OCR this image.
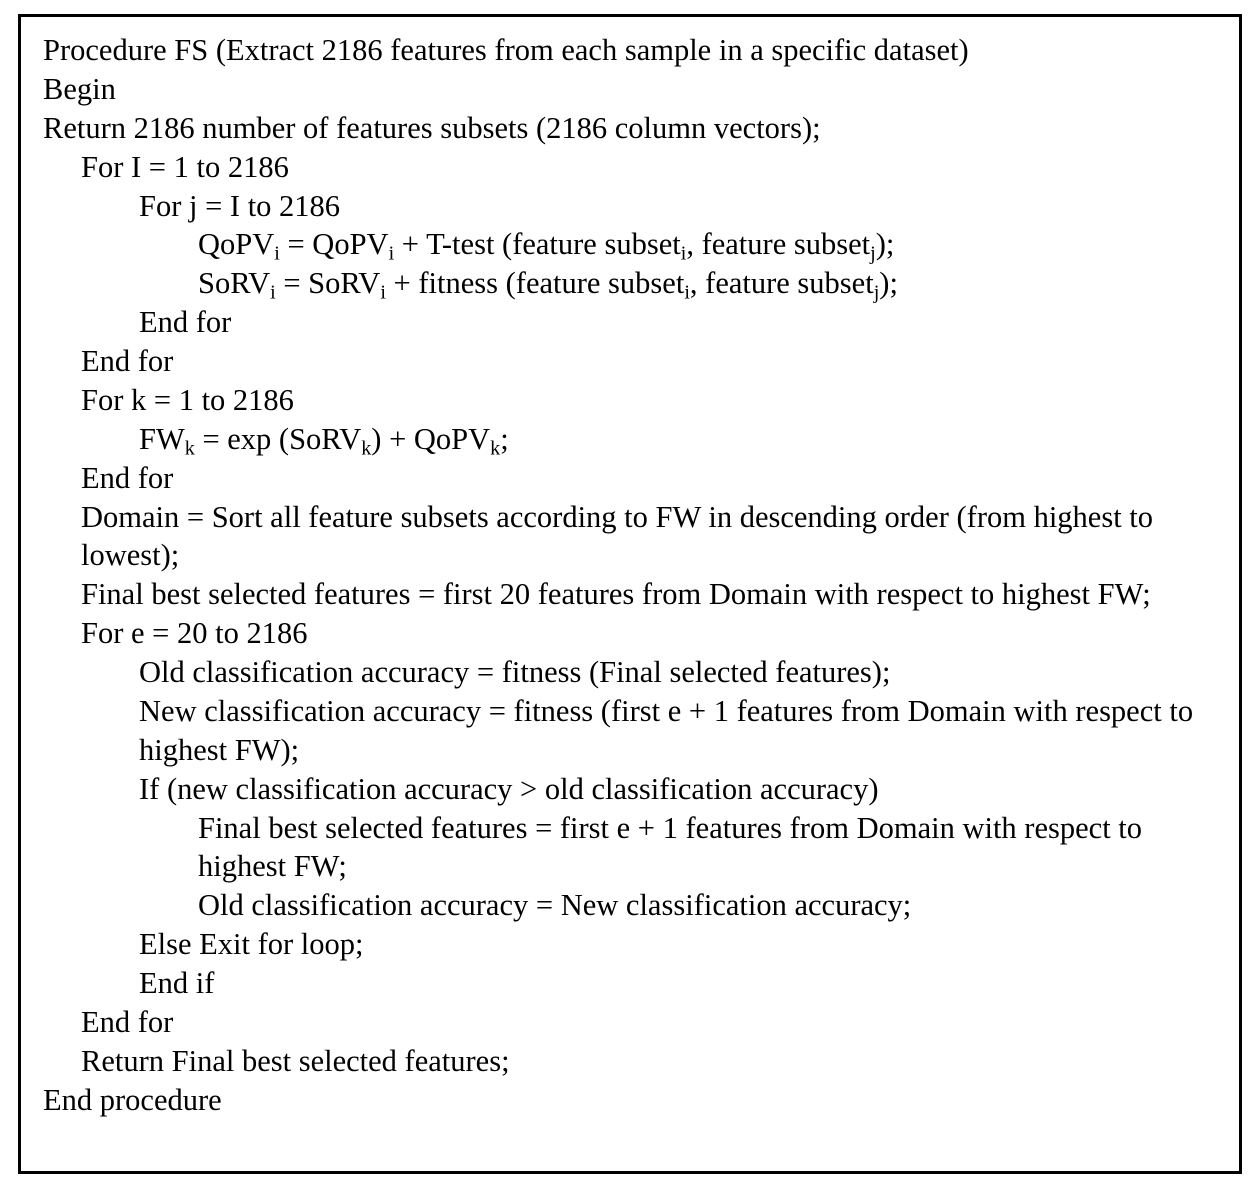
Procedure FS (Extract 2186 features from each sample in a specific dataset)
Begin
Return 2186 number of features subsets (2186 column vectors);
For I = 1 to 2186
For j = I to 2186
QoPV$_i$ = QoPV$_i$ + T-test (feature subset$_i$, feature subset$_j$);
SoRV$_i$ = SoRV$_i$ + fitness (feature subset$_i$, feature subset$_j$);
End for
End for
For k = 1 to 2186
$FW_k = \exp$ (SoRV$_k$) + QoPV$_k$;
End for
Domain = Sort all feature subsets according to FW in descending order (from highest to lowest);
Final best selected features = first 20 features from Domain with respect to highest FW;
For e = 20 to 2186
Old classification accuracy = fitness (Final selected features);
New classification accuracy = fitness (first e + 1 features from Domain with respect to highest FW);
If (new classification accuracy > old classification accuracy)
Final best selected features = first e + 1 features from Domain with respect to highest FW;
Old classification accuracy = New classification accuracy;
Else Exit for loop;
End if
End for
Return Final best selected features;
End procedure
